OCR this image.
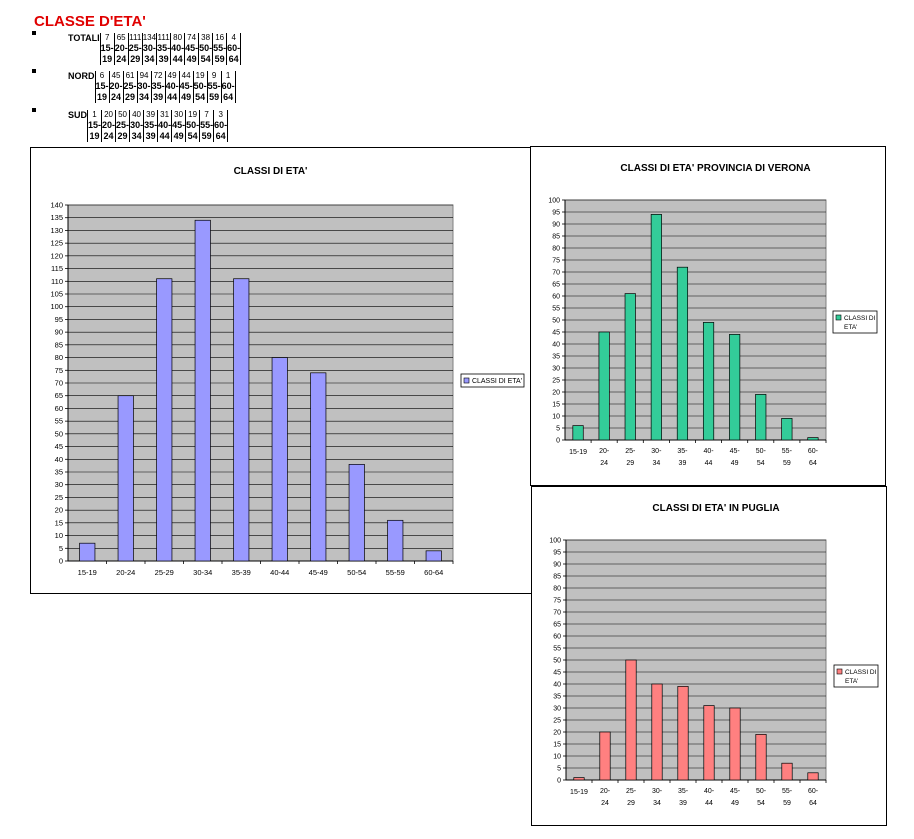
CLASSE D'ETA'
TOTALI	7	65	111	134	111	80	74	38	16	4
	15-19	20-24	25-29	30-34	35-39	40-44	45-49	50-54	55-59	60-64
NORD	6	45	61	94	72	49	44	19	9	1
	15-19	20-24	25-29	30-34	35-39	40-44	45-49	50-54	55-59	60-64
SUD	1	20	50	40	39	31	30	19	7	3
	15-19	20-24	25-29	30-34	35-39	40-44	45-49	50-54	55-59	60-64
CLASSI DI ETA'
0
5
10
15
20
25
30
35
40
45
50
55
60
65
70
75
80
85
90
95
100
105
110
115
120
125
130
135
140
15-19	20-24	25-29	30-34	35-39	40-44	45-49	50-54	55-59	60-64
CLASSI DI ETA'
CLASSI DI ETA' PROVINCIA DI VERONA
0
5
10
15
20
25
30
35
40
45
50
55
60
65
70
75
80
85
90
95
100
15-19 20-
24
25-
29
30-
34
35-
39
40-
44
45-
49
50-
54
55-
59
60-
64
CLASSI DI
ETA'
CLASSI DI ETA' IN PUGLIA
0
5
10
15
20
25
30
35
40
45
50
55
60
65
70
75
80
85
90
95
100
15-19 20-
24
25-
29
30-
34
35-
39
40-
44
45-
49
50-
54
55-
59
60-
64
CLASSI DI
ETA'
